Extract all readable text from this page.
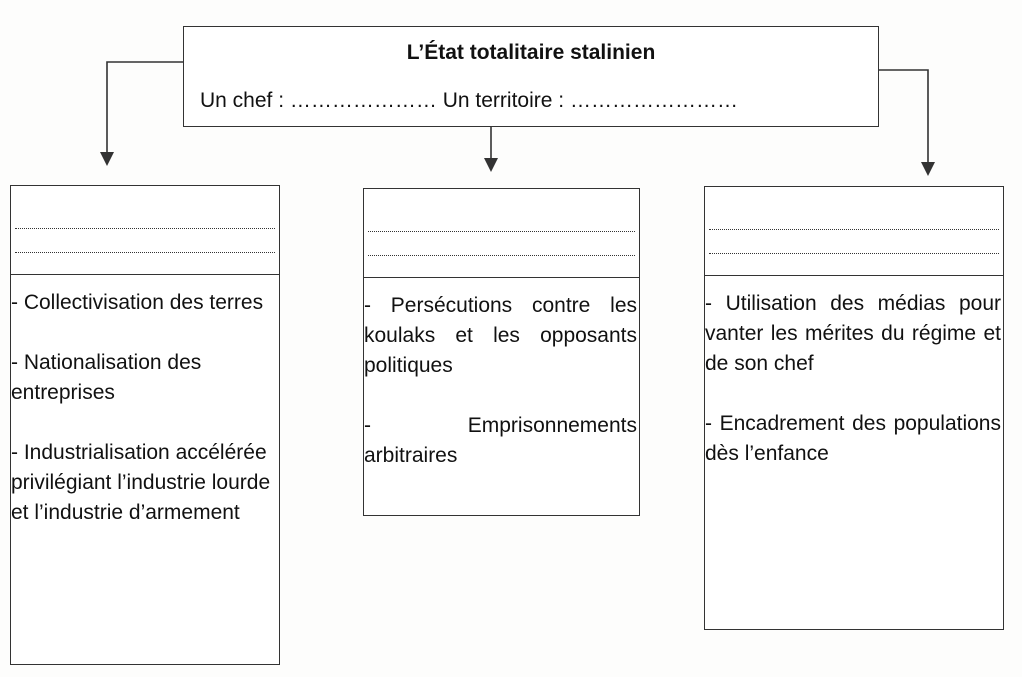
L’État totalitaire stalinien
Un chef : ………………… Un territoire : ……………………
- Collectivisation des terres
- Nationalisation des entreprises
- Industrialisation accélérée privilégiant l’industrie lourde et l’industrie d’armement
- Persécutions contre les koulaks et les opposants politiques
- Emprisonnements arbitraires
- Utilisation des médias pour vanter les mérites du régime et de son chef
- Encadrement des populations dès l’enfance
